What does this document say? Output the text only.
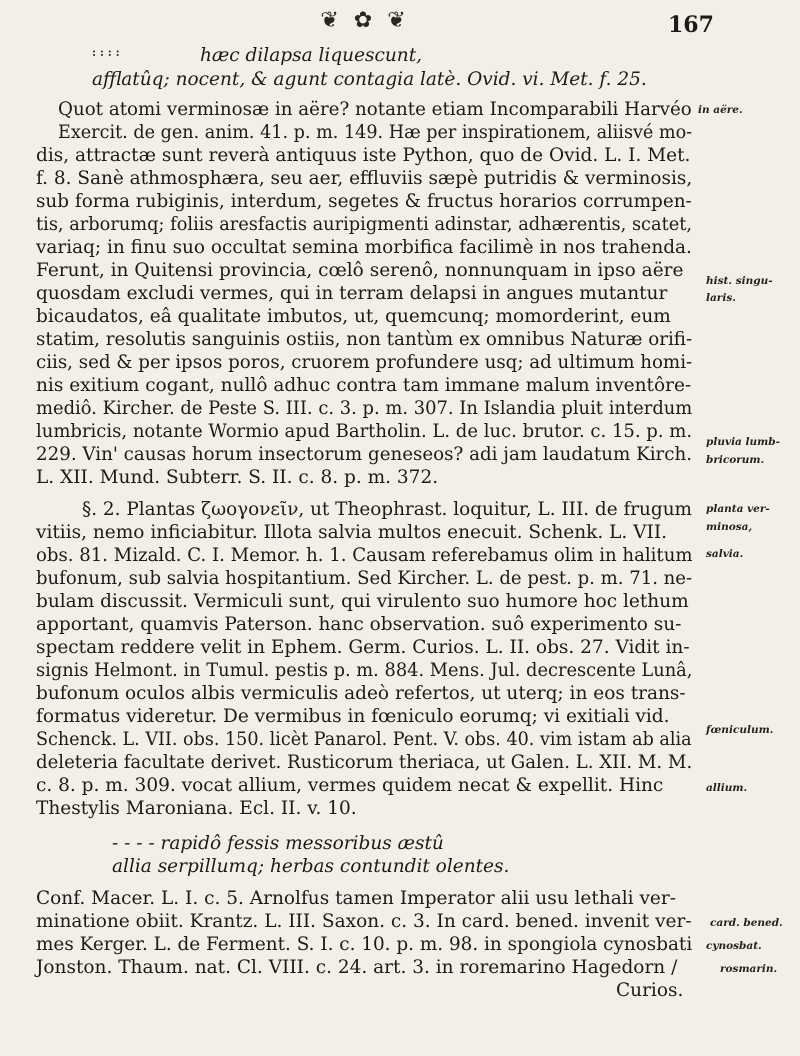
❦ ✿ ❦	167
hæc dilapsa liquescunt,
afflatûq; nocent, & agunt contagia latè. Ovid. vi. Met. f. 25.
Quot atomi verminosæ in aëre? notante etiam Incomparabili Harvéo
Exercit. de gen. anim. 41. p. m. 149. Hæ per inspirationem, aliisvé mo-
dis, attractæ sunt reverà antiquus iste Python, quo de Ovid. L. I. Met.
f. 8. Sanè athmosphæra, seu aer, effluviis sæpè putridis & verminosis,
sub forma rubiginis, interdum, segetes & fructus horarios corrumpen-
tis, arborumq; foliis aresfactis auripigmenti adinstar, adhærentis, scatet,
variaq; in finu suo occultat semina morbifica facilimè in nos trahenda.
Ferunt, in Quitensi provincia, cœlô serenô, nonnunquam in ipso aëre
quosdam excludi vermes, qui in terram delapsi in angues mutantur
bicaudatos, eâ qualitate imbutos, ut, quemcunq; momorderint, eum
statim, resolutis sanguinis ostiis, non tantùm ex omnibus Naturæ orifi-
ciis, sed & per ipsos poros, cruorem profundere usq; ad ultimum homi-
nis exitium cogant, nullô adhuc contra tam immane malum inventôre-
mediô. Kircher. de Peste S. III. c. 3. p. m. 307. In Islandia pluit interdum
lumbricis, notante Wormio apud Bartholin. L. de luc. brutor. c. 15. p. m.
229. Vin' causas horum insectorum geneseos? adi jam laudatum Kirch.
L. XII. Mund. Subterr. S. II. c. 8. p. m. 372.
§. 2. Plantas ζωογονεῖν, ut Theophrast. loquitur, L. III. de frugum
vitiis, nemo inficiabitur. Illota salvia multos enecuit. Schenk. L. VII.
obs. 81. Mizald. C. I. Memor. h. 1. Causam referebamus olim in halitum
bufonum, sub salvia hospitantium. Sed Kircher. L. de pest. p. m. 71. ne-
bulam discussit. Vermiculi sunt, qui virulento suo humore hoc lethum
apportant, quamvis Paterson. hanc observation. suô experimento su-
spectam reddere velit in Ephem. Germ. Curios. L. II. obs. 27. Vidit in-
signis Helmont. in Tumul. pestis p. m. 884. Mens. Jul. decrescente Lunâ,
bufonum oculos albis vermiculis adeò refertos, ut uterq; in eos trans-
formatus videretur. De vermibus in fœniculo eorumq; vi exitiali vid.
Schenck. L. VII. obs. 150. licèt Panarol. Pent. V. obs. 40. vim istam ab alia
deleteria facultate derivet. Rusticorum theriaca, ut Galen. L. XII. M. M.
c. 8. p. m. 309. vocat allium, vermes quidem necat & expellit. Hinc
Thestylis Maroniana. Ecl. II. v. 10.
- - - - rapidô fessis messoribus æstû
allia serpillumq; herbas contundit olentes.
Conf. Macer. L. I. c. 5. Arnolfus tamen Imperator alii usu lethali ver-
minatione obiit. Krantz. L. III. Saxon. c. 3. In card. bened. invenit ver-
mes Kerger. L. de Ferment. S. I. c. 10. p. m. 98. in spongiola cynosbati
Jonston. Thaum. nat. Cl. VIII. c. 24. art. 3. in roremarino Hagedorn /
Curios.
in aëre.
hist. singu-
laris.
pluvia lumb-
bricorum.
planta ver-
minosa,
salvia.
fœniculum.
allium.
card. bened.
cynosbat.
rosmarin.
: : : :
